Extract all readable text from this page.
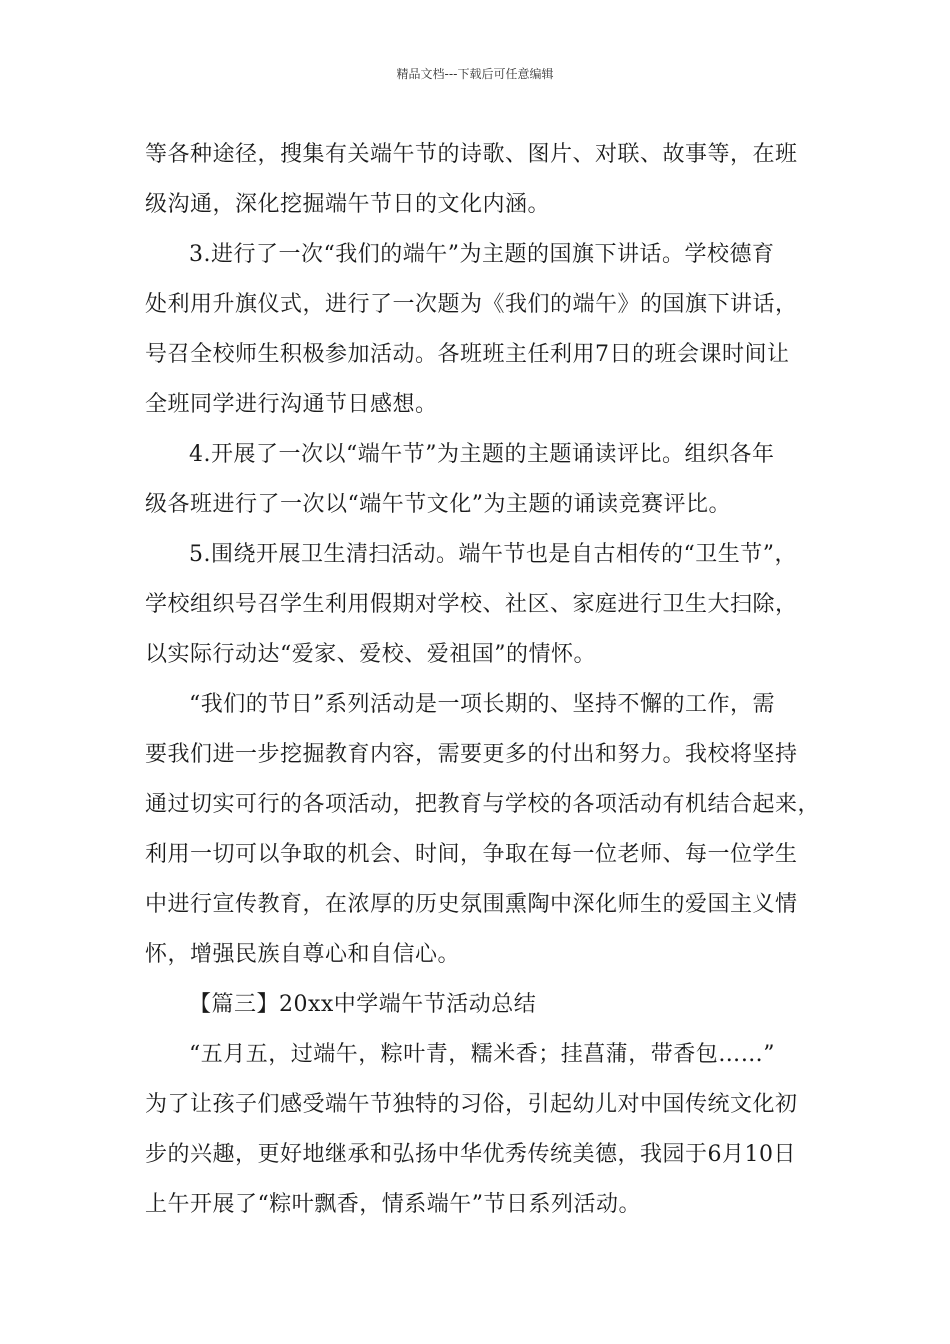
精品文档---下载后可任意编辑
等各种途径，搜集有关端午节的诗歌、图片、对联、故事等，在班
级沟通，深化挖掘端午节日的文化内涵。
3.进行了一次“我们的端午”为主题的国旗下讲话。学校德育
处利用升旗仪式，进行了一次题为《我们的端午》的国旗下讲话，
号召全校师生积极参加活动。各班班主任利用7日的班会课时间让
全班同学进行沟通节日感想。
4.开展了一次以“端午节”为主题的主题诵读评比。组织各年
级各班进行了一次以“端午节文化”为主题的诵读竞赛评比。
5.围绕开展卫生清扫活动。端午节也是自古相传的“卫生节”，
学校组织号召学生利用假期对学校、社区、家庭进行卫生大扫除，
以实际行动达“爱家、爱校、爱祖国”的情怀。
“我们的节日”系列活动是一项长期的、坚持不懈的工作，需
要我们进一步挖掘教育内容，需要更多的付出和努力。我校将坚持
通过切实可行的各项活动，把教育与学校的各项活动有机结合起来，
利用一切可以争取的机会、时间，争取在每一位老师、每一位学生
中进行宣传教育，在浓厚的历史氛围熏陶中深化师生的爱国主义情
怀，增强民族自尊心和自信心。
【篇三】20xx中学端午节活动总结
“五月五，过端午，粽叶青，糯米香；挂菖蒲，带香包……”
为了让孩子们感受端午节独特的习俗，引起幼儿对中国传统文化初
步的兴趣，更好地继承和弘扬中华优秀传统美德，我园于6月10日
上午开展了“粽叶飘香，情系端午”节日系列活动。
